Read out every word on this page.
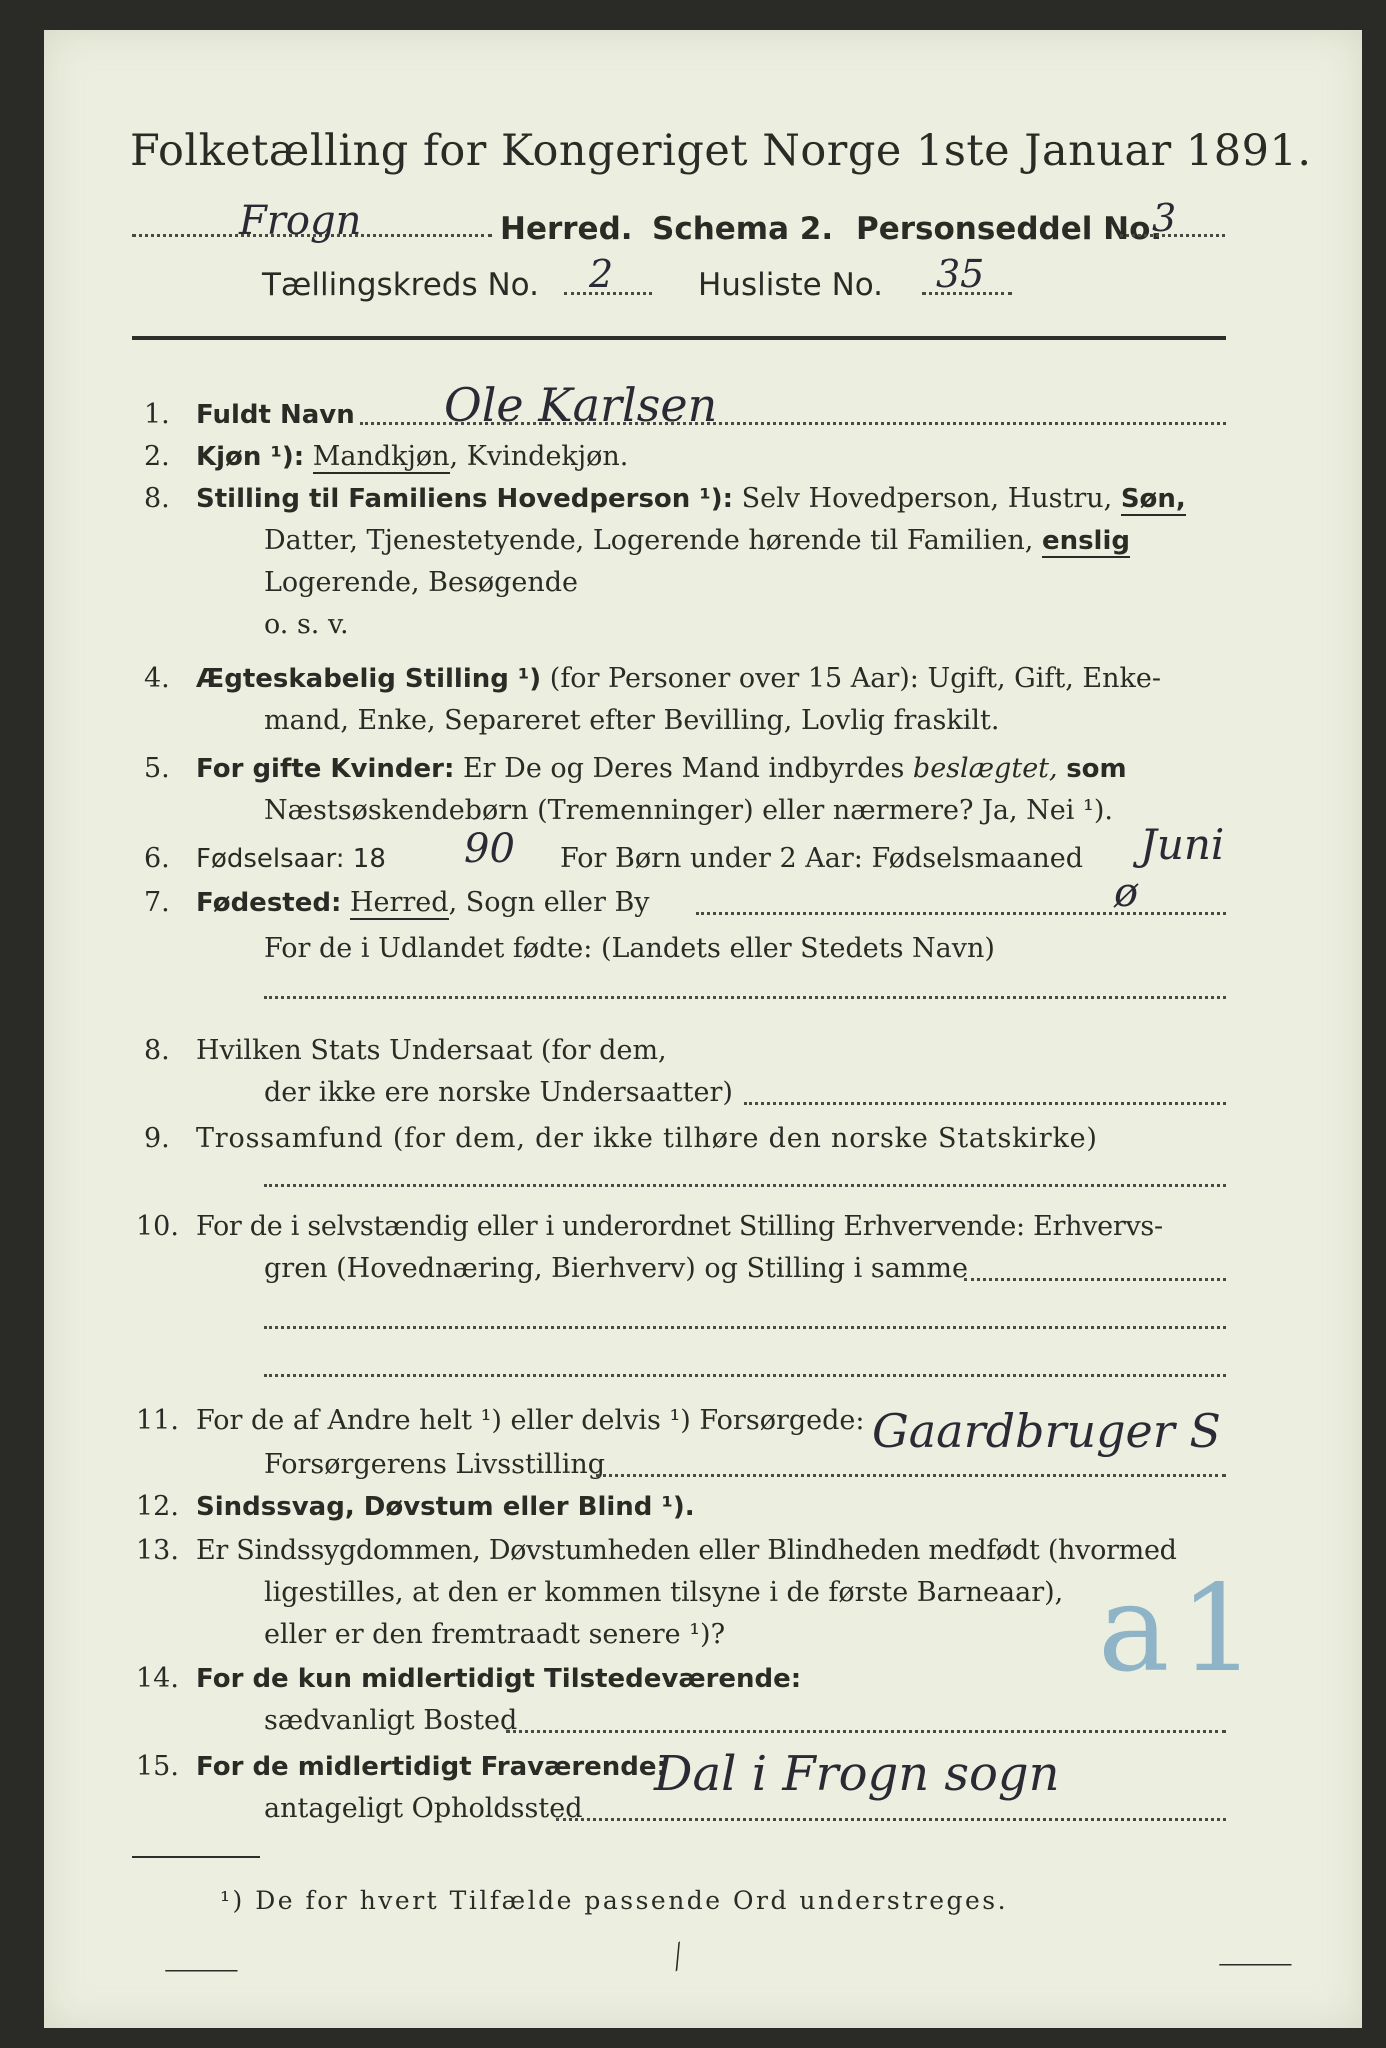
Folketælling for Kongeriget Norge 1ste Januar 1891.
Frogn	Herred. Schema 2. Personseddel No.
3
Tællingskreds No. 2	Husliste No. 35
1. Fuldt Navn Ole Karlsen
2. Kjøn ¹): Mandkjøn, Kvindekjøn.
8. Stilling til Familiens Hovedperson ¹): Selv Hovedperson, Hustru, Søn,
Datter, Tjenestetyende, Logerende hørende til Familien, enslig
Logerende, Besøgende
o. s. v.
4. Ægteskabelig Stilling ¹) (for Personer over 15 Aar): Ugift, Gift, Enke-
mand, Enke, Separeret efter Bevilling, Lovlig fraskilt.
5. For gifte Kvinder: Er De og Deres Mand indbyrdes beslægtet, som
Næstsøskendebørn (Tremenninger) eller nærmere? Ja, Nei ¹).
6. Fødselsaar: 18 90 For Børn under 2 Aar: Fødselsmaaned Juni
7. Fødested: Herred, Sogn eller By	ø
For de i Udlandet fødte: (Landets eller Stedets Navn)
8. Hvilken Stats Undersaat (for dem,
der ikke ere norske Undersaatter)
9. Trossamfund (for dem, der ikke tilhøre den norske Statskirke)
10. For de i selvstændig eller i underordnet Stilling Erhvervende: Erhvervs-
gren (Hovednæring, Bierhverv) og Stilling i samme
11. For de af Andre helt ¹) eller delvis ¹) Forsørgede:
Forsørgerens Livsstilling
Gaardbruger S
12. Sindssvag, Døvstum eller Blind ¹).
13. Er Sindssygdommen, Døvstumheden eller Blindheden medfødt (hvormed
ligestilles, at den er kommen tilsyne i de første Barneaar),
eller er den fremtraadt senere ¹)?	a1
14. For de kun midlertidigt Tilstedeværende:
sædvanligt Bosted
15. For de midlertidigt Fraværende:
antageligt Opholdssted
Dal i Frogn sogn
¹) De for hvert Tilfælde passende Ord understreges.
⸻	⟋	⸻
